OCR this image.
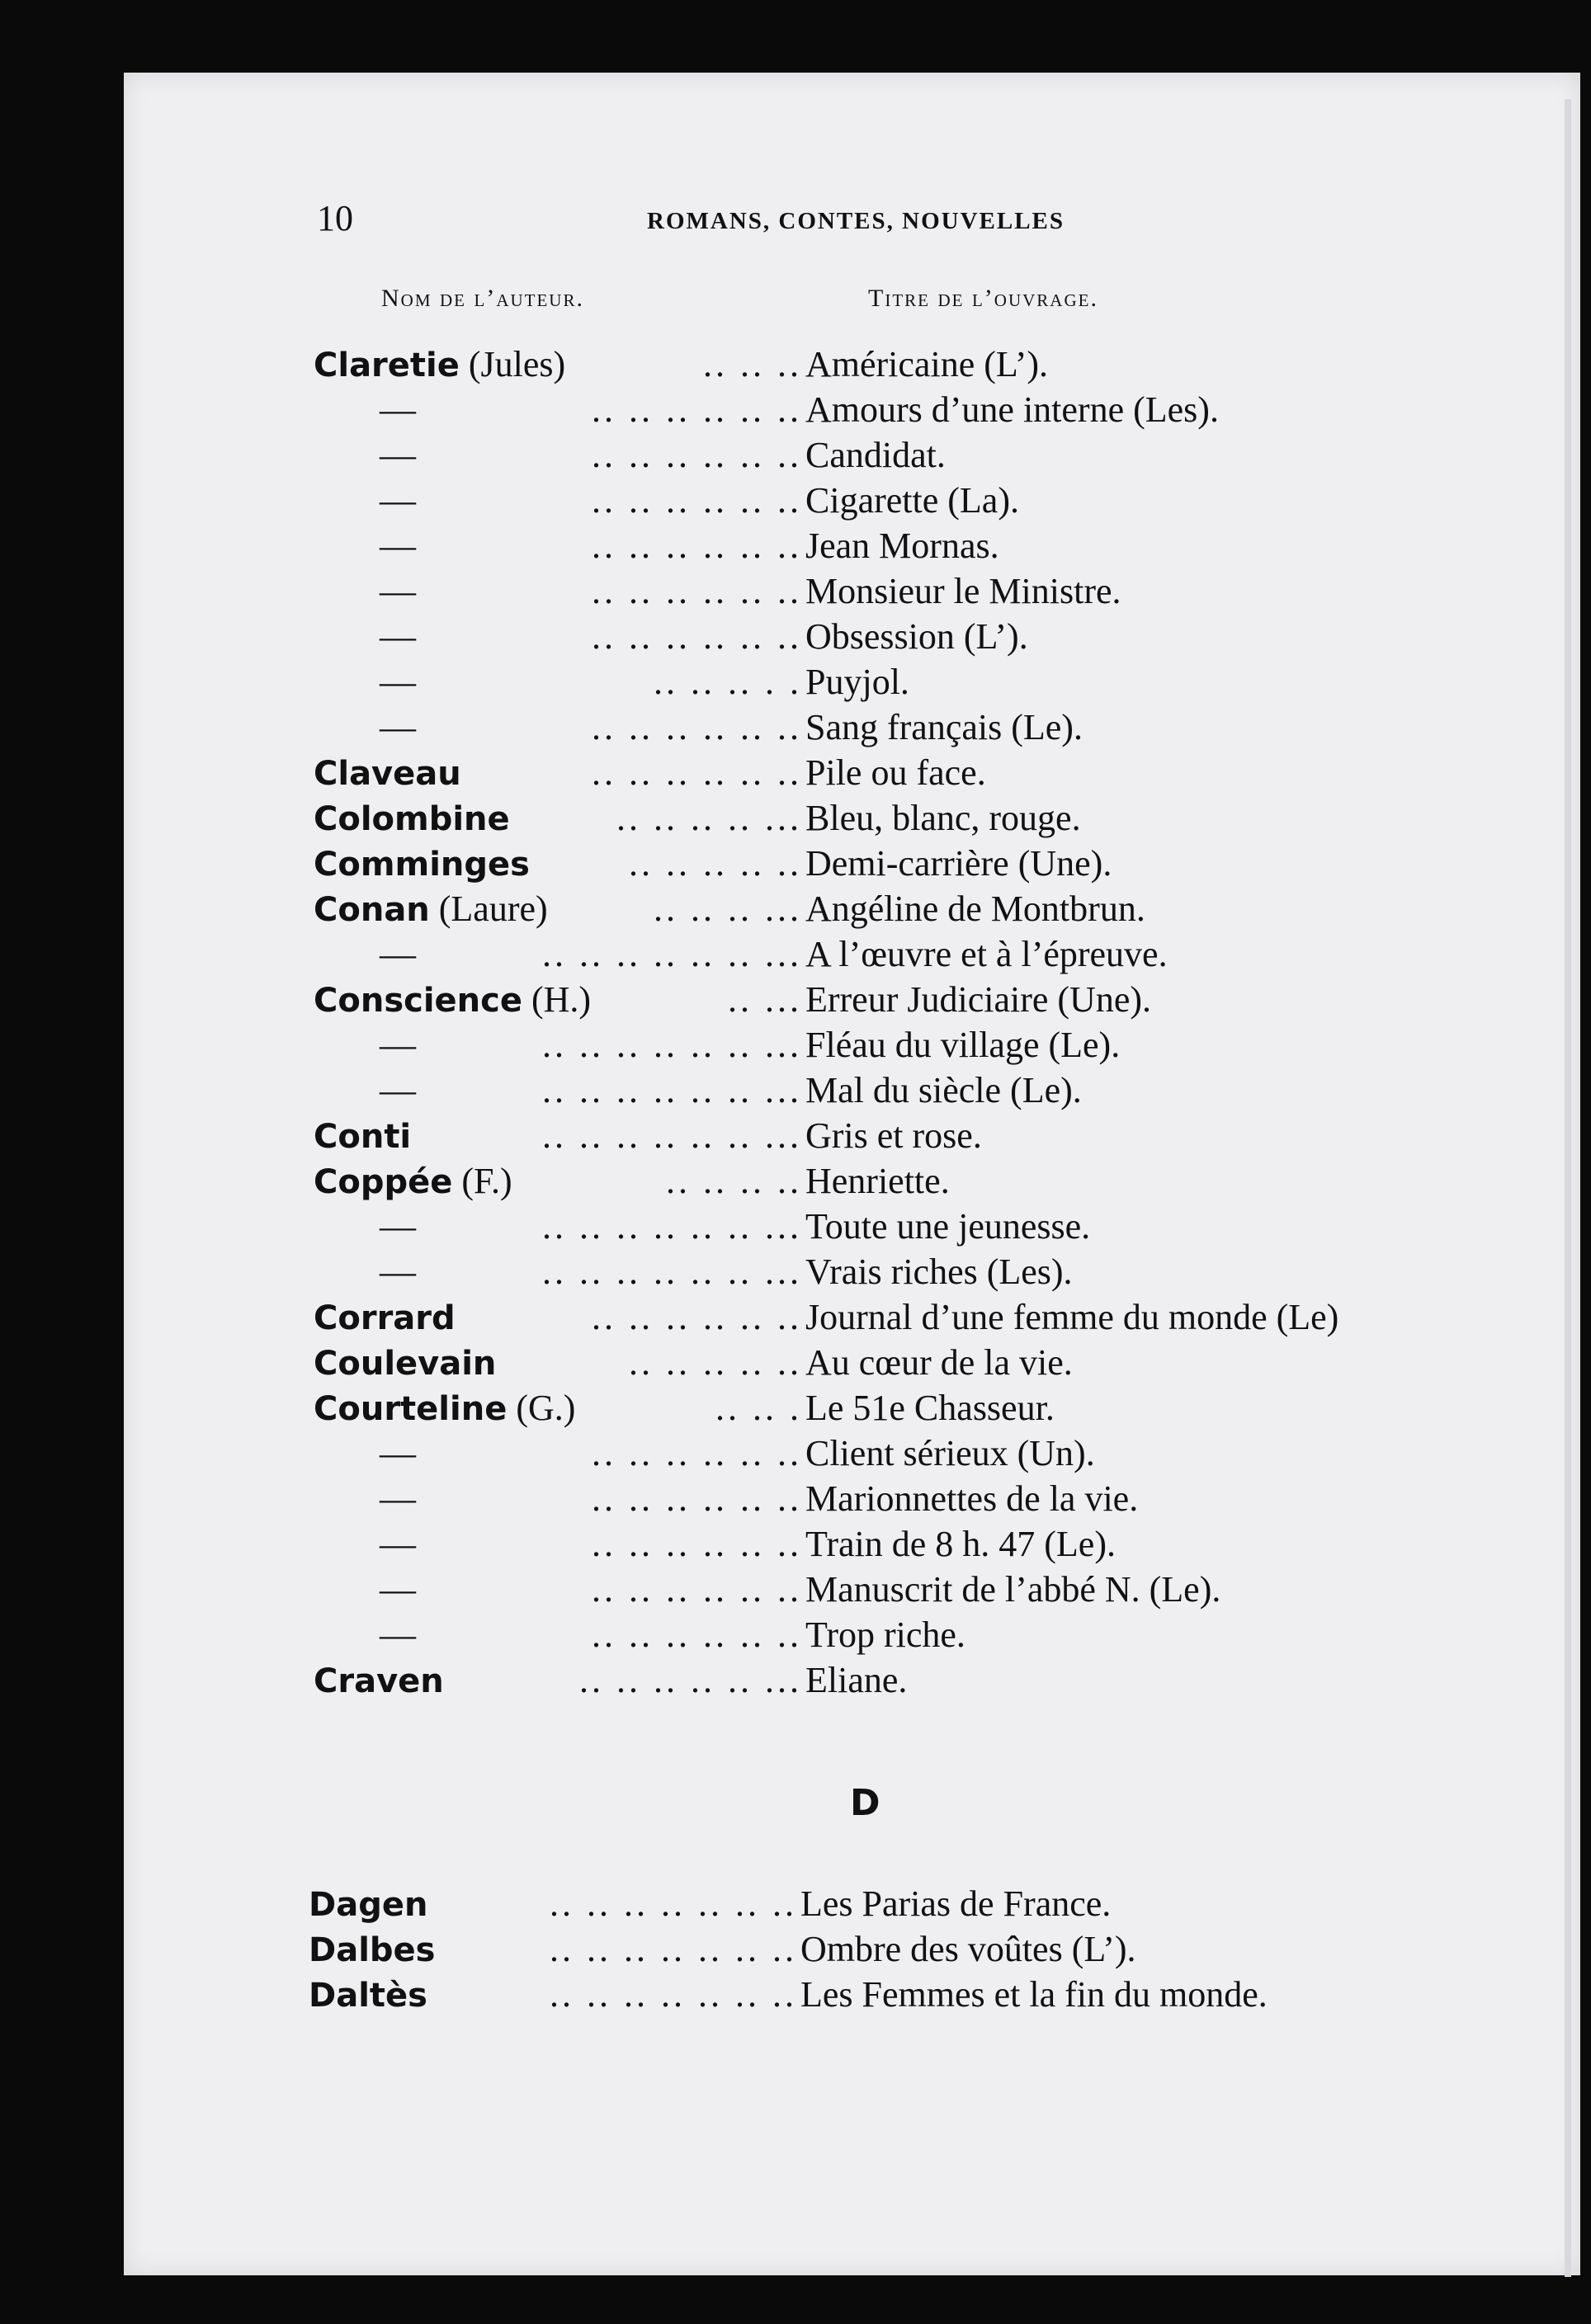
10	ROMANS, CONTES, NOUVELLES
Nom de l’auteur.	Titre de l’ouvrage.
Claretie (Jules)	.. .. .. Américaine (L’).
—	.. .. .. .. .. .. Amours d’une interne (Les).
—	.. .. .. .. .. .. Candidat.
—	.. .. .. .. .. .. Cigarette (La).
—	.. .. .. .. .. .. Jean Mornas.
—	.. .. .. .. .. .. Monsieur le Ministre.
—	.. .. .. .. .. .. Obsession (L’).
—	.. .. .. . . Puyjol.
—	.. .. .. .. .. .. Sang français (Le).
Claveau	.. .. .. .. .. .. Pile ou face.
Colombine	.. .. .. .. ... Bleu, blanc, rouge.
Comminges	.. .. .. .. .. Demi-carrière (Une).
Conan (Laure)	.. .. .. ... Angéline de Montbrun.
—	.. .. .. .. .. .. ... A l’œuvre et à l’épreuve.
Conscience (H.)	.. ... Erreur Judiciaire (Une).
—	.. .. .. .. .. .. ... Fléau du village (Le).
—	.. .. .. .. .. .. ... Mal du siècle (Le).
Conti	.. .. .. .. .. .. ... Gris et rose.
Coppée (F.)	.. .. .. .. Henriette.
—	.. .. .. .. .. .. ... Toute une jeunesse.
—	.. .. .. .. .. .. ... Vrais riches (Les).
Corrard	.. .. .. .. .. .. Journal d’une femme du monde (Le)
Coulevain	.. .. .. .. .. Au cœur de la vie.
Courteline (G.)	.. .. . Le 51e Chasseur.
—	.. .. .. .. .. .. Client sérieux (Un).
—	.. .. .. .. .. .. Marionnettes de la vie.
—	.. .. .. .. .. .. Train de 8 h. 47 (Le).
—	.. .. .. .. .. .. Manuscrit de l’abbé N. (Le).
—	.. .. .. .. .. .. Trop riche.
Craven	.. .. .. .. .. ... Eliane.
D
Dagen	.. .. .. .. .. .. .. Les Parias de France.
Dalbes	.. .. .. .. .. .. .. Ombre des voûtes (L’).
Daltès	.. .. .. .. .. .. .. Les Femmes et la fin du monde.
